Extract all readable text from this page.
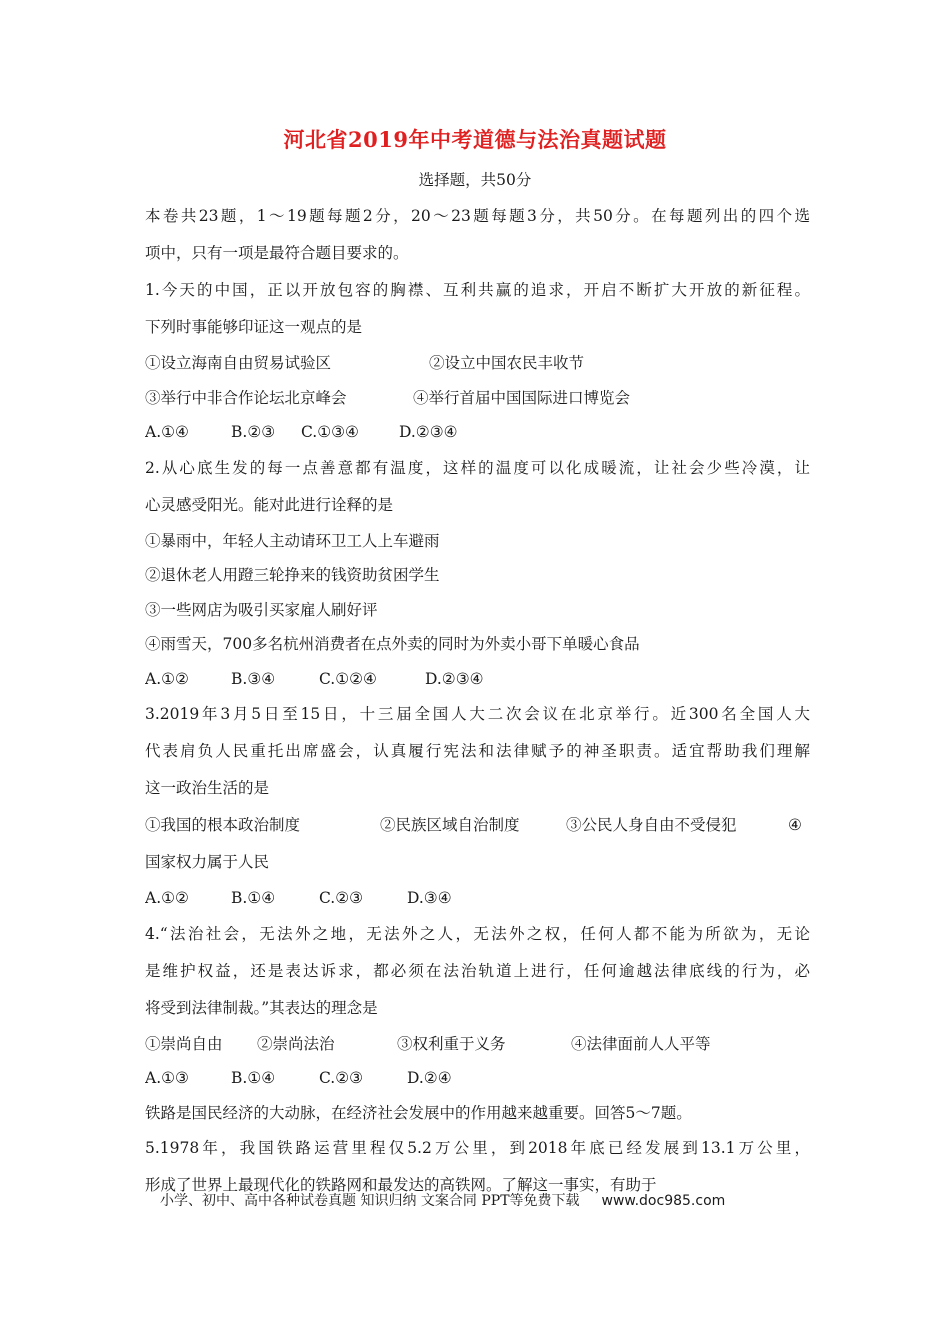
河北省2019年中考道德与法治真题试题
选择题，共50分
本卷共23题，1～19题每题2分，20～23题每题3分，共50分。在每题列出的四个选
项中，只有一项是最符合题目要求的。
1.今天的中国，正以开放包容的胸襟、互利共赢的追求，开启不断扩大开放的新征程。
下列时事能够印证这一观点的是
①设立海南自由贸易试验区	②设立中国农民丰收节
③举行中非合作论坛北京峰会	④举行首届中国国际进口博览会
A.①④	B.②③ C.①③④	D.②③④
2.从心底生发的每一点善意都有温度，这样的温度可以化成暖流，让社会少些冷漠，让
心灵感受阳光。能对此进行诠释的是
①暴雨中，年轻人主动请环卫工人上车避雨
②退休老人用蹬三轮挣来的钱资助贫困学生
③一些网店为吸引买家雇人刷好评
④雨雪天，700多名杭州消费者在点外卖的同时为外卖小哥下单暖心食品
A.①②	B.③④	C.①②④	D.②③④
3.2019年3月5日至15日，十三届全国人大二次会议在北京举行。近300名全国人大
代表肩负人民重托出席盛会，认真履行宪法和法律赋予的神圣职责。适宜帮助我们理解
这一政治生活的是
①我国的根本政治制度	②民族区域自治制度	③公民人身自由不受侵犯	④
国家权力属于人民
A.①②	B.①④	C.②③	D.③④
4.“法治社会，无法外之地，无法外之人，无法外之权，任何人都不能为所欲为，无论
是维护权益，还是表达诉求，都必须在法治轨道上进行，任何逾越法律底线的行为，必
将受到法律制裁。”其表达的理念是
①崇尚自由 ②崇尚法治	③权利重于义务	④法律面前人人平等
A.①③	B.①④	C.②③	D.②④
铁路是国民经济的大动脉，在经济社会发展中的作用越来越重要。回答5～7题。
5.1978年，我国铁路运营里程仅5.2万公里，到2018年底已经发展到13.1万公里，
形成了世界上最现代化的铁路网和最发达的高铁网。了解这一事实，有助于
小学、初中、高中各种试卷真题 知识归纳 文案合同 PPT等免费下载 www.doc985.com
